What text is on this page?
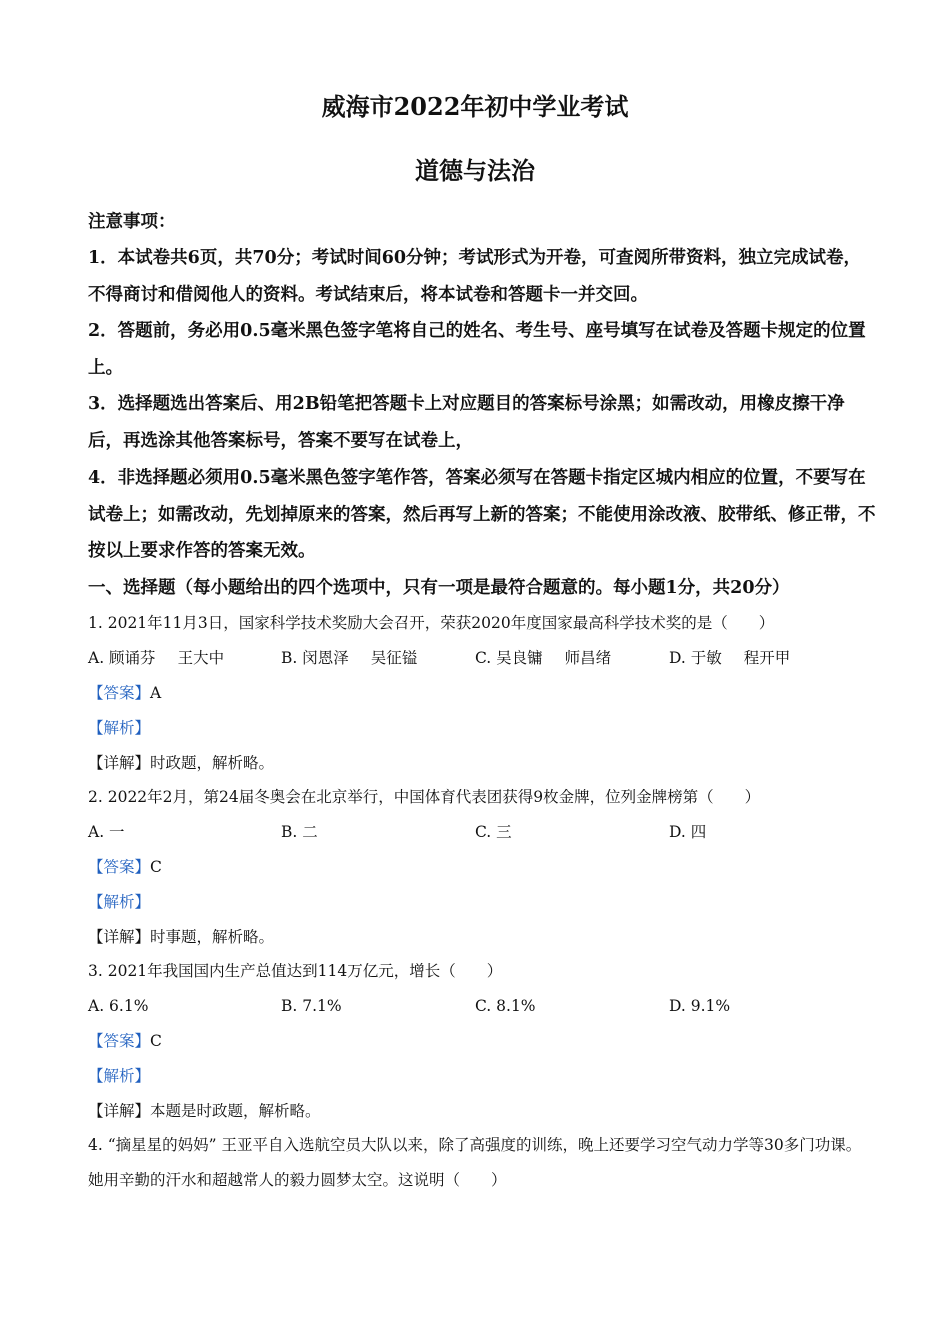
威海市2022年初中学业考试
道德与法治
注意事项：
1．本试卷共6页，共70分；考试时间60分钟；考试形式为开卷，可查阅所带资料，独立完成试卷，不得商讨和借阅他人的资料。考试结束后，将本试卷和答题卡一并交回。
2．答题前，务必用0.5毫米黑色签字笔将自己的姓名、考生号、座号填写在试卷及答题卡规定的位置上。
3．选择题选出答案后、用2B铅笔把答题卡上对应题目的答案标号涂黑；如需改动，用橡皮擦干净后，再选涂其他答案标号，答案不要写在试卷上，
4．非选择题必须用0.5毫米黑色签字笔作答，答案必须写在答题卡指定区城内相应的位置，不要写在试卷上；如需改动，先划掉原来的答案，然后再写上新的答案；不能使用涂改液、胶带纸、修正带，不按以上要求作答的答案无效。
一、选择题（每小题给出的四个选项中，只有一项是最符合题意的。每小题1分，共20分）
1. 2021年11月3日，国家科学技术奖励大会召开，荣获2020年度国家最高科学技术奖的是（　　）
A. 顾诵芬 王大中	B. 闵恩泽 吴征镒	C. 吴良镛 师昌绪	D. 于敏 程开甲
【答案】A
【解析】
【详解】时政题，解析略。
2. 2022年2月，第24届冬奥会在北京举行，中国体育代表团获得9枚金牌，位列金牌榜第（　　）
A. 一	B. 二	C. 三	D. 四
【答案】C
【解析】
【详解】时事题，解析略。
3. 2021年我国国内生产总值达到114万亿元，增长（　　）
A. 6.1%	B. 7.1%	C. 8.1%	D. 9.1%
【答案】C
【解析】
【详解】本题是时政题，解析略。
4. “摘星星的妈妈” 王亚平自入选航空员大队以来，除了高强度的训练，晚上还要学习空气动力学等30多门功课。她用辛勤的汗水和超越常人的毅力圆梦太空。这说明（　　）
